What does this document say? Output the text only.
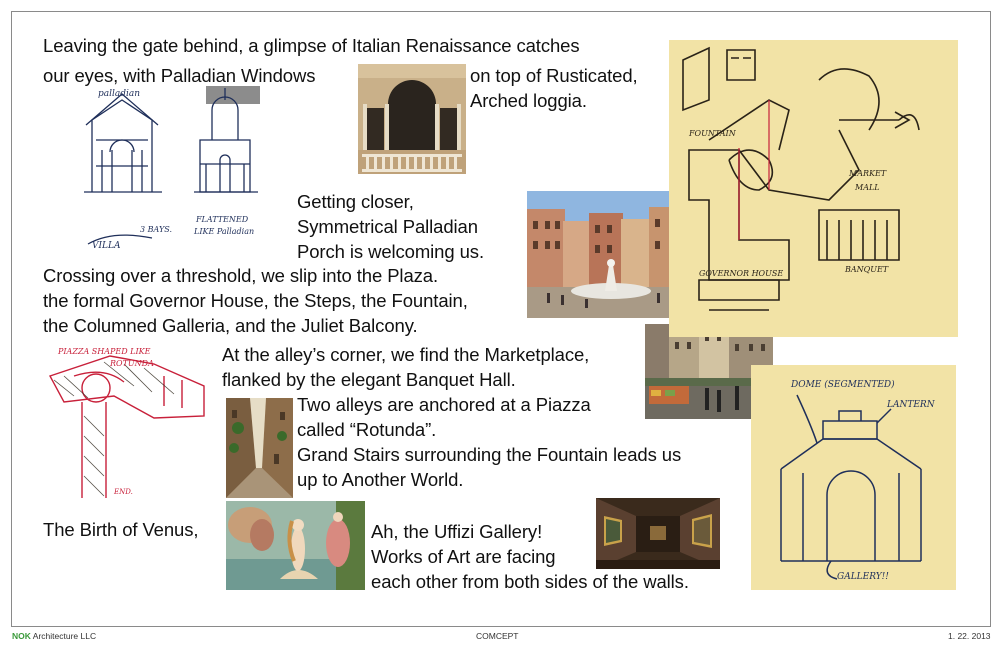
Leaving the gate behind, a glimpse of Italian Renaissance catches
our eyes, with Palladian Windows	on top of Rusticated,
Arched loggia.
Getting closer,
Symmetrical Palladian
Porch is welcoming us.
Crossing over a threshold, we slip into the Plaza.
the formal Governor House, the Steps, the Fountain,
the Columned Galleria, and the Juliet Balcony.
At the alley’s corner, we find the Marketplace,
flanked by the elegant Banquet Hall.
Two alleys are anchored at a Piazza
called “Rotunda”.
Grand Stairs surrounding the Fountain leads us
up to Another World.
The Birth of Venus,	Ah, the Uffizi Gallery!
Works of Art are facing
each other from both sides of the walls.
palladian
3 BAYS.
VILLA
FLATTENED
LIKE Palladian
FOUNTAIN
MARKET
MALL
GOVERNOR HOUSE	BANQUET
PIAZZA SHAPED LIKE
ROTUNDA
END.
DOME (SEGMENTED)
LANTERN
GALLERY!!
NOK Architecture LLC	COMCEPT	1. 22. 2013
